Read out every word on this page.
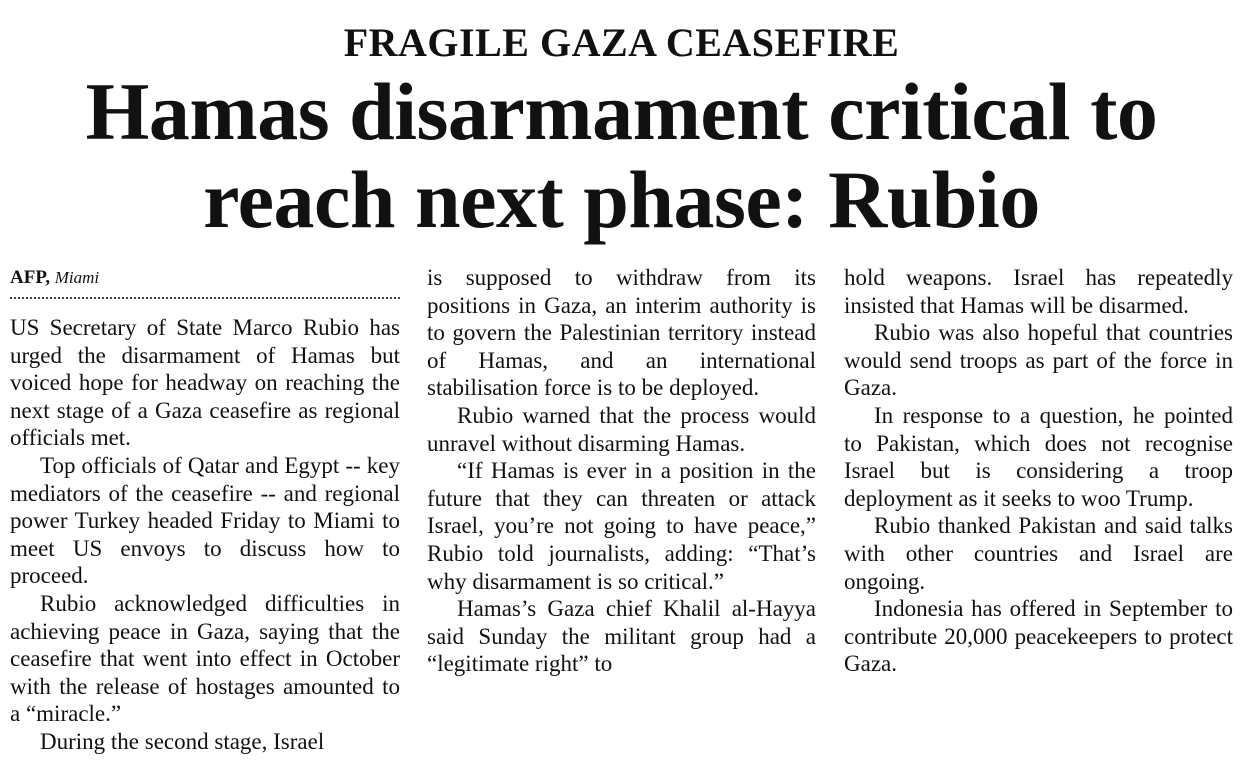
FRAGILE GAZA CEASEFIRE
Hamas disarmament critical to reach next phase: Rubio
AFP, Miami

US Secretary of State Marco Rubio has urged the disarmament of Hamas but voiced hope for headway on reaching the next stage of a Gaza ceasefire as regional officials met.

Top officials of Qatar and Egypt -- key mediators of the ceasefire -- and regional power Turkey headed Friday to Miami to meet US envoys to discuss how to proceed.

Rubio acknowledged difficulties in achieving peace in Gaza, saying that the ceasefire that went into effect in October with the release of hostages amounted to a “miracle.”

During the second stage, Israel

is supposed to withdraw from its positions in Gaza, an interim authority is to govern the Palestinian territory instead of Hamas, and an international stabilisation force is to be deployed.

Rubio warned that the process would unravel without disarming Hamas.

“If Hamas is ever in a position in the future that they can threaten or attack Israel, you’re not going to have peace,” Rubio told journalists, adding: “That’s why disarmament is so critical.”

Hamas’s Gaza chief Khalil al-Hayya said Sunday the militant group had a “legitimate right” to

hold weapons. Israel has repeatedly insisted that Hamas will be disarmed.

Rubio was also hopeful that countries would send troops as part of the force in Gaza.

In response to a question, he pointed to Pakistan, which does not recognise Israel but is considering a troop deployment as it seeks to woo Trump.

Rubio thanked Pakistan and said talks with other countries and Israel are ongoing.

Indonesia has offered in September to contribute 20,000 peacekeepers to protect Gaza.
